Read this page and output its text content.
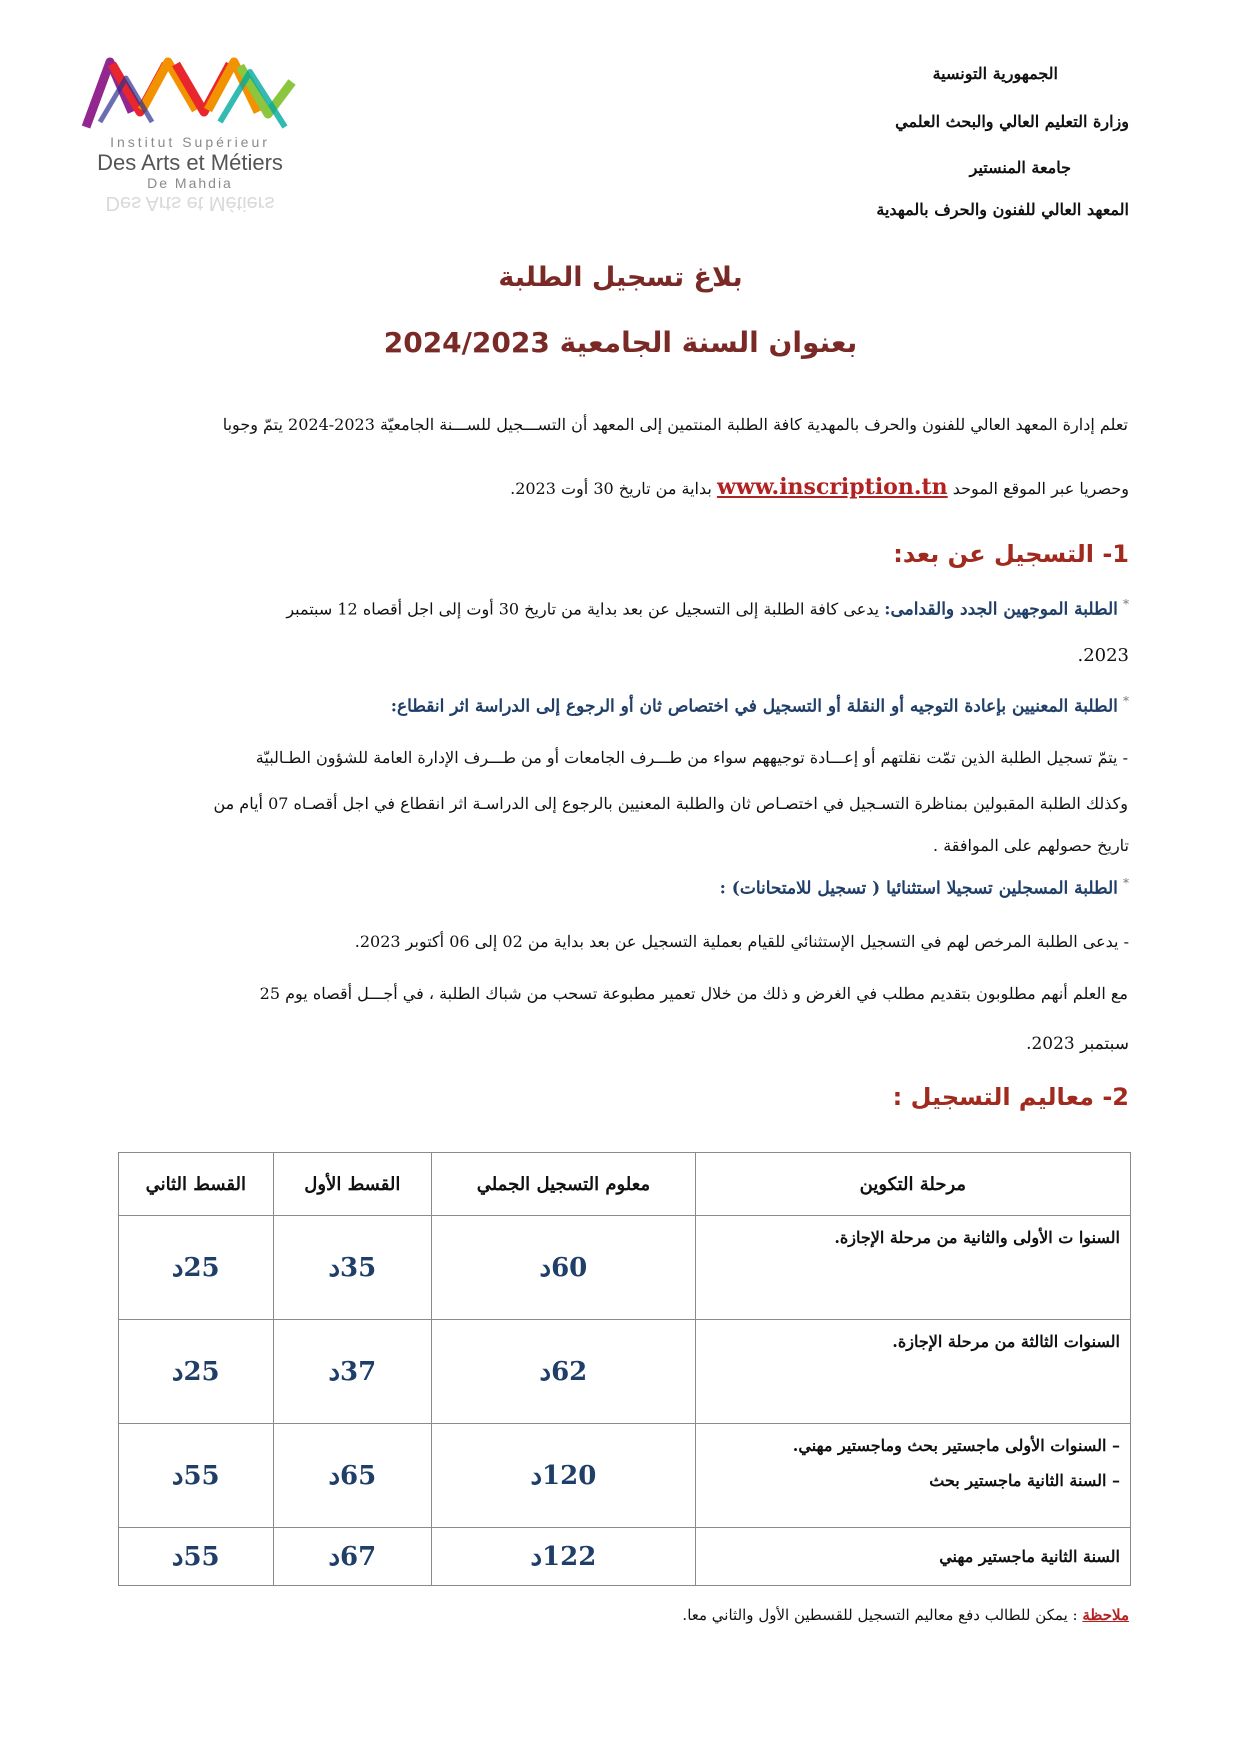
Institut Supérieur
Des Arts et Métiers
De Mahdia
Des Arts et Métiers
الجمهورية التونسية
وزارة التعليم العالي والبحث العلمي
جامعة المنستير
المعهد العالي للفنون والحرف بالمهدية
بلاغ تسجيل الطلبة
بعنوان السنة الجامعية 2024/2023
تعلم إدارة المعهد العالي للفنون والحرف بالمهدية كافة الطلبة المنتمين إلى المعهد أن التســـجيل للســـنة الجامعيّة 2023-2024 يتمّ وجوبا
وحصريا عبر الموقع الموحد www.inscription.tn بداية من تاريخ 30 أوت 2023.
1- التسجيل عن بعد:
* الطلبة الموجهين الجدد والقدامى: يدعى كافة الطلبة إلى التسجيل عن بعد بداية من تاريخ 30 أوت إلى اجل أقصاه 12 سبتمبر
2023.
* الطلبة المعنيين بإعادة التوجيه أو النقلة أو التسجيل في اختصاص ثان أو الرجوع إلى الدراسة اثر انقطاع:
- يتمّ تسجيل الطلبة الذين تمّت نقلتهم أو إعـــادة توجيههم سواء من طـــرف الجامعات أو من طـــرف الإدارة العامة للشؤون الطـالبيّة
وكذلك الطلبة المقبولين بمناظرة التسـجيل في اختصـاص ثان والطلبة المعنيين بالرجوع إلى الدراسـة اثر انقطاع في اجل أقصـاه 07 أيام من
تاريخ حصولهم على الموافقة .
* الطلبة المسجلين تسجيلا استثنائيا ( تسجيل للامتحانات) :
- يدعى الطلبة المرخص لهم في التسجيل الإستثنائي للقيام بعملية التسجيل عن بعد بداية من 02 إلى 06 أكتوبر 2023.
مع العلم أنهم مطلوبون بتقديم مطلب في الغرض و ذلك من خلال تعمير مطبوعة تسحب من شباك الطلبة ، في أجـــل أقصاه يوم 25
سبتمبر 2023.
2- معاليم التسجيل :
مرحلة التكوين	معلوم التسجيل الجملي	القسط الأول	القسط الثاني

السنوا ت الأولى والثانية من مرحلة الإجازة.	60د	35د	25د

السنوات الثالثة من مرحلة الإجازة.	62د	37د	25د

– السنوات الأولى ماجستير بحث وماجستير مهني.
– السنة الثانية ماجستير بحث	120د	65د	55د

السنة الثانية ماجستير مهني	122د	67د	55د
ملاحظة : يمكن للطالب دفع معاليم التسجيل للقسطين الأول والثاني معا.
